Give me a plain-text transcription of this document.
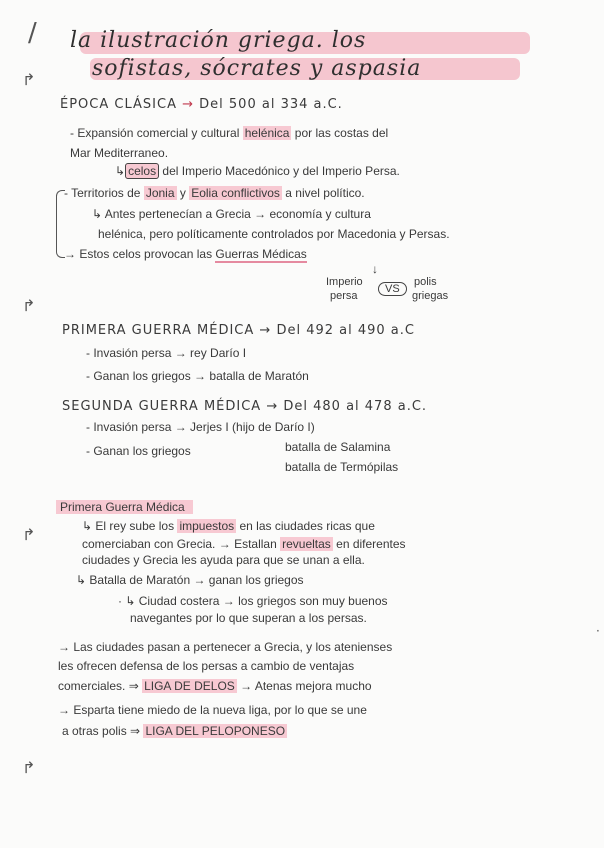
/
↱
↱
↱
↱
la ilustración griega. los
sofistas, sócrates y aspasia
ÉPOCA CLÁSICA → Del 500 al 334 a.C.
- Expansión comercial y cultural helénica por las costas del
Mar Mediterraneo.
↳ celos del Imperio Macedónico y del Imperio Persa.
- Territorios de Jonia y Eolia conflictivos a nivel político.
↳ Antes pertenecían a Grecia → economía y cultura
helénica, pero políticamente controlados por Macedonia y Persas.
→ Estos celos provocan las Guerras Médicas
↓
Imperio
persa
VS
polis
griegas
PRIMERA GUERRA MÉDICA → Del 492 al 490 a.C
- Invasión persa → rey Darío I
- Ganan los griegos → batalla de Maratón
SEGUNDA GUERRA MÉDICA → Del 480 al 478 a.C.
- Invasión persa → Jerjes I (hijo de Darío I)
- Ganan los griegos	batalla de Salamina
batalla de Termópilas
Primera Guerra Médica
↳ El rey sube los impuestos en las ciudades ricas que
comerciaban con Grecia. → Estallan revueltas en diferentes
ciudades y Grecia les ayuda para que se unan a ella.
↳ Batalla de Maratón → ganan los griegos
· ↳ Ciudad costera → los griegos son muy buenos
navegantes por lo que superan a los persas.
→ Las ciudades pasan a pertenecer a Grecia, y los atenienses
les ofrecen defensa de los persas a cambio de ventajas
comerciales. ⇒ LIGA DE DELOS → Atenas mejora mucho
→ Esparta tiene miedo de la nueva liga, por lo que se une
a otras polis ⇒ LIGA DEL PELOPONESO
·
